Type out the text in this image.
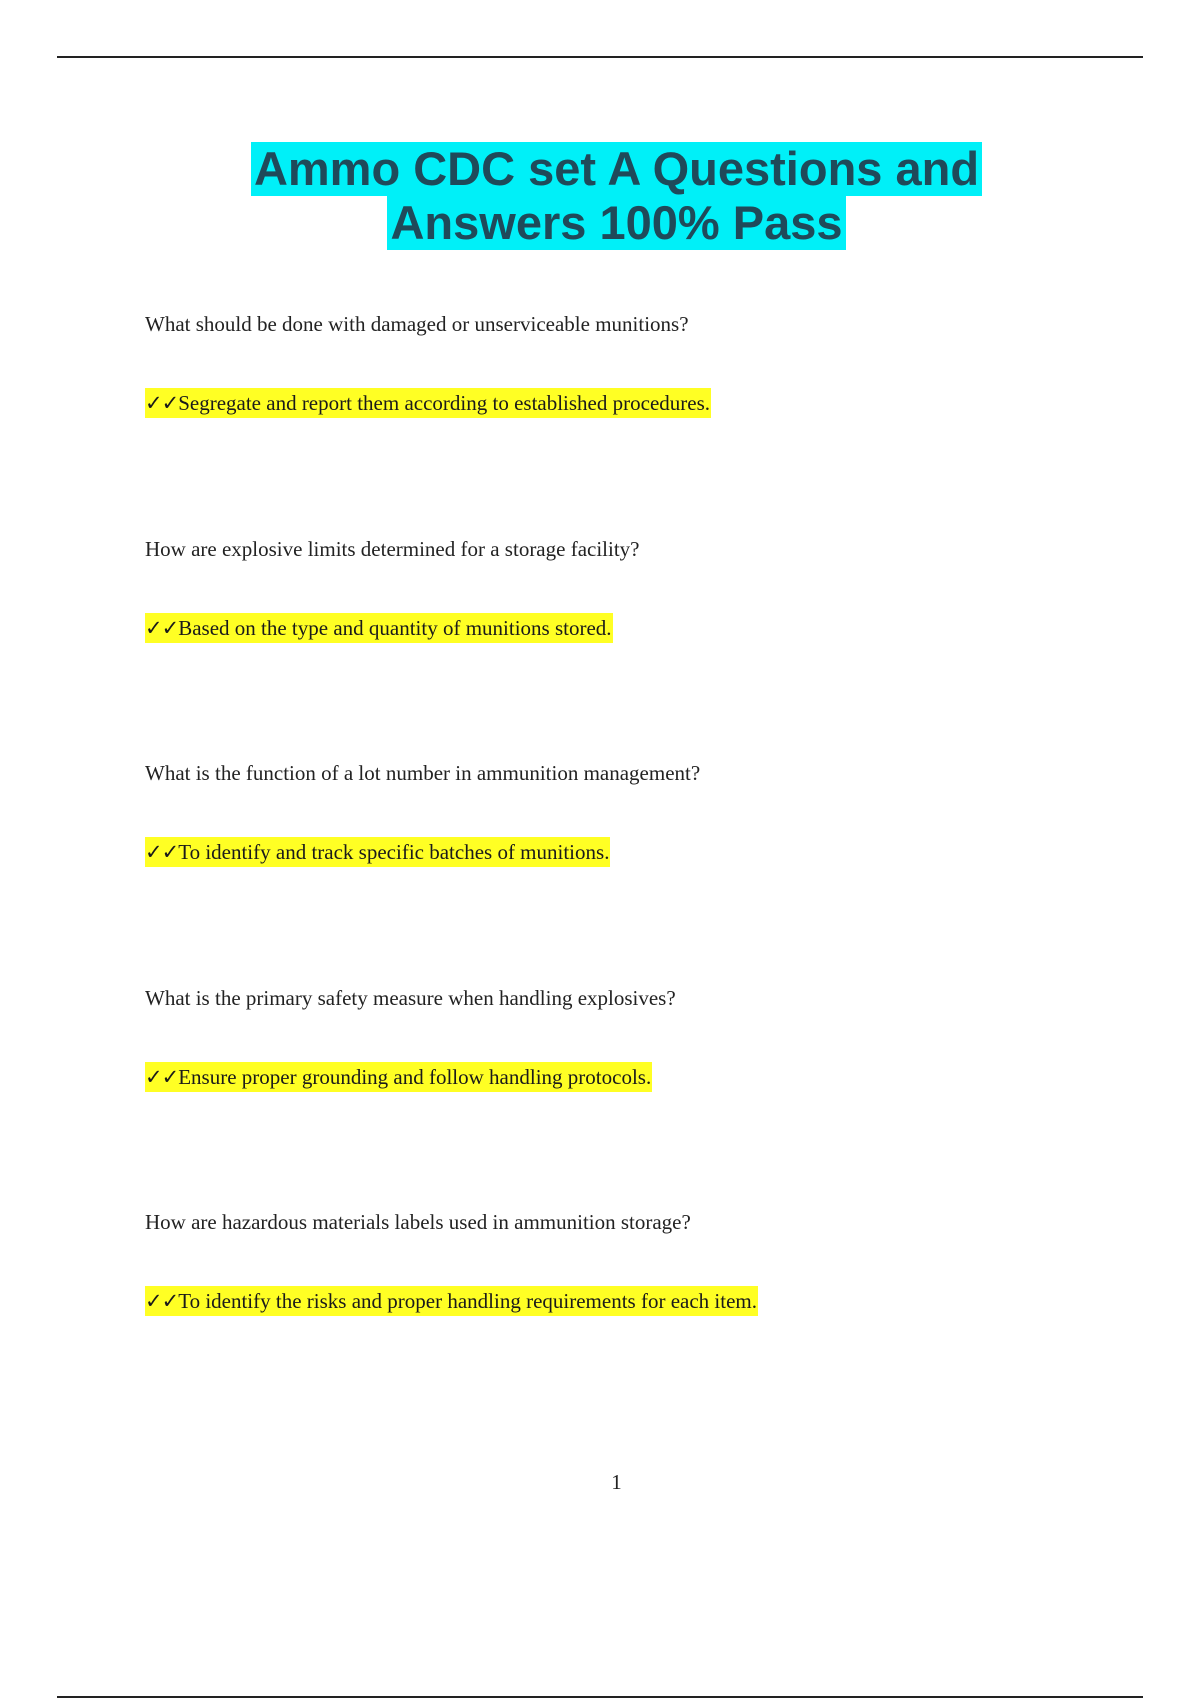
Ammo CDC set A Questions and
Answers 100% Pass

What should be done with damaged or unserviceable munitions?

✓✓Segregate and report them according to established procedures.

How are explosive limits determined for a storage facility?

✓✓Based on the type and quantity of munitions stored.

What is the function of a lot number in ammunition management?

✓✓To identify and track specific batches of munitions.

What is the primary safety measure when handling explosives?

✓✓Ensure proper grounding and follow handling protocols.

How are hazardous materials labels used in ammunition storage?

✓✓To identify the risks and proper handling requirements for each item.
1
